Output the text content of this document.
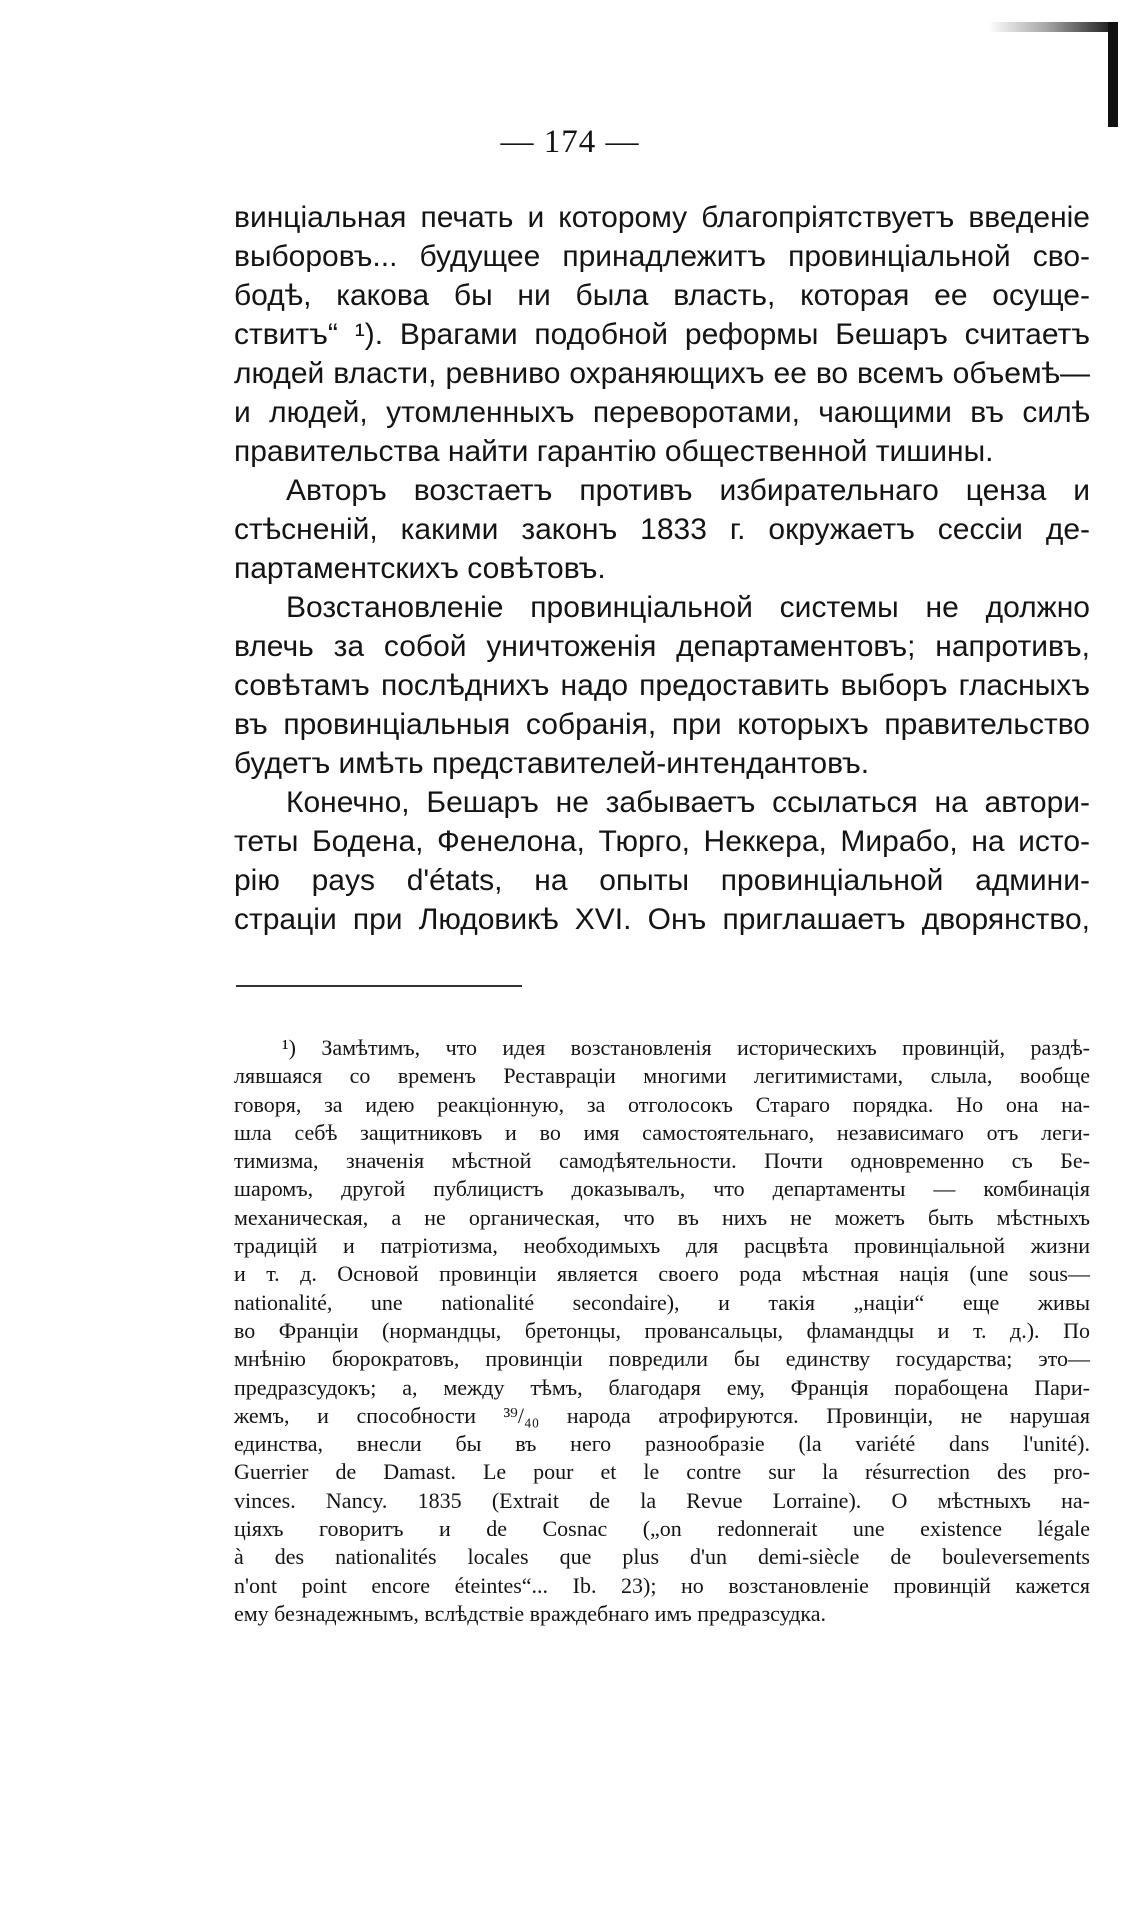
— 174 —

винціальная печать и которому благопріятствуетъ введеніе

выборовъ... будущее принадлежитъ провинціальной сво-

бодѣ, какова бы ни была власть, которая ее осуще-

ствитъ“ ¹). Врагами подобной реформы Бешаръ считаетъ

людей власти, ревниво охраняющихъ ее во всемъ объемѣ—

и людей, утомленныхъ переворотами, чающими въ силѣ

правительства найти гарантію общественной тишины.

Авторъ возстаетъ противъ избирательнаго ценза и

стѣсненій, какими законъ 1833 г. окружаетъ сессіи де-

партаментскихъ совѣтовъ.

Возстановленіе провинціальной системы не должно

влечь за собой уничтоженія департаментовъ; напротивъ,

совѣтамъ послѣднихъ надо предоставить выборъ гласныхъ

въ провинціальныя собранія, при которыхъ правительство

будетъ имѣть представителей-интендантовъ.

Конечно, Бешаръ не забываетъ ссылаться на автори-

теты Бодена, Фенелона, Тюрго, Неккера, Мирабо, на исто-

рію pays d'états, на опыты провинціальной админи-

страціи при Людовикѣ XVI. Онъ приглашаетъ дворянство,

¹) Замѣтимъ, что идея возстановленія историческихъ провинцій, раздѣ-

лявшаяся со временъ Реставраціи многими легитимистами, слыла, вообще

говоря, за идею реакціонную, за отголосокъ Стараго порядка. Но она на-

шла себѣ защитниковъ и во имя самостоятельнаго, независимаго отъ леги-

тимизма, значенія мѣстной самодѣятельности. Почти одновременно съ Бе-

шаромъ, другой публицистъ доказывалъ, что департаменты — комбинація

механическая, а не органическая, что въ нихъ не можетъ быть мѣстныхъ

традицій и патріотизма, необходимыхъ для расцвѣта провинціальной жизни

и т. д. Основой провинціи является своего рода мѣстная нація (une sous—

nationalité, une nationalité secondaire), и такія „націи“ еще живы

во Франціи (нормандцы, бретонцы, провансальцы, фламандцы и т. д.). По

мнѣнію бюрократовъ, провинціи повредили бы единству государства; это—

предразсудокъ; а, между тѣмъ, благодаря ему, Франція порабощена Пари-

жемъ, и способности ³⁹/₄₀ народа атрофируются. Провинціи, не нарушая

единства, внесли бы въ него разнообразіе (la variété dans l'unité).

Guerrier de Damast. Le pour et le contre sur la résurrection des pro-

vinces. Nancy. 1835 (Extrait de la Revue Lorraine). О мѣстныхъ на-

ціяхъ говоритъ и de Cosnac („on redonnerait une existence légale

à des nationalités locales que plus d'un demi-siècle de bouleversements

n'ont point encore éteintes“... Ib. 23); но возстановленіе провинцій кажется

ему безнадежнымъ, вслѣдствіе враждебнаго имъ предразсудка.
